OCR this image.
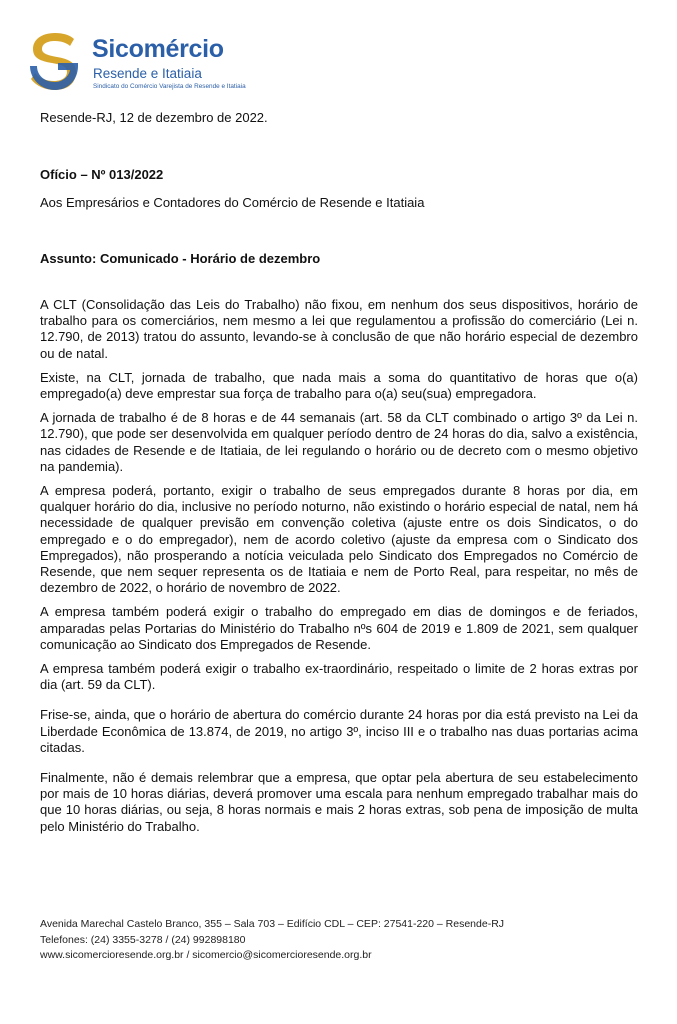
Sicomércio
Resende e Itatiaia
Sindicato do Comércio Varejista de Resende e Itatiaia
Resende-RJ, 12 de dezembro de 2022.
Ofício – Nº 013/2022
Aos Empresários e Contadores do Comércio de Resende e Itatiaia
Assunto: Comunicado - Horário de dezembro

A CLT (Consolidação das Leis do Trabalho) não fixou, em nenhum dos seus dispositivos, horário de trabalho para os comerciários, nem mesmo a lei que regulamentou a profissão do comerciário (Lei n. 12.790, de 2013) tratou do assunto, levando-se à conclusão de que não horário especial de dezembro ou de natal.

Existe, na CLT, jornada de trabalho, que nada mais a soma do quantitativo de horas que o(a) empregado(a) deve emprestar sua força de trabalho para o(a) seu(sua) empregadora.

A jornada de trabalho é de 8 horas e de 44 semanais (art. 58 da CLT combinado o artigo 3º da Lei n. 12.790), que pode ser desenvolvida em qualquer período dentro de 24 horas do dia, salvo a existência, nas cidades de Resende e de Itatiaia, de lei regulando o horário ou de decreto com o mesmo objetivo na pandemia).

A empresa poderá, portanto, exigir o trabalho de seus empregados durante 8 horas por dia, em qualquer horário do dia, inclusive no período noturno, não existindo o horário especial de natal, nem há necessidade de qualquer previsão em convenção coletiva (ajuste entre os dois Sindicatos, o do empregado e o do empregador), nem de acordo coletivo (ajuste da empresa com o Sindicato dos Empregados), não prosperando a notícia veiculada pelo Sindicato dos Empregados no Comércio de Resende, que nem sequer representa os de Itatiaia e nem de Porto Real, para respeitar, no mês de dezembro de 2022, o horário de novembro de 2022.

A empresa também poderá exigir o trabalho do empregado em dias de domingos e de feriados, amparadas pelas Portarias do Ministério do Trabalho nºs 604 de 2019 e 1.809 de 2021, sem qualquer comunicação ao Sindicato dos Empregados de Resende.

A empresa também poderá exigir o trabalho ex-traordinário, respeitado o limite de 2 horas extras por dia (art. 59 da CLT).

Frise-se, ainda, que o horário de abertura do comércio durante 24 horas por dia está previsto na Lei da Liberdade Econômica de 13.874, de 2019, no artigo 3º, inciso III e o trabalho nas duas portarias acima citadas.

Finalmente, não é demais relembrar que a empresa, que optar pela abertura de seu estabelecimento por mais de 10 horas diárias, deverá promover uma escala para nenhum empregado trabalhar mais do que 10 horas diárias, ou seja, 8 horas normais e mais 2 horas extras, sob pena de imposição de multa pelo Ministério do Trabalho.

Avenida Marechal Castelo Branco, 355 – Sala 703 – Edifício CDL – CEP: 27541-220 – Resende-RJ
Telefones: (24) 3355-3278 / (24) 992898180
www.sicomercioresende.org.br / sicomercio@sicomercioresende.org.br
